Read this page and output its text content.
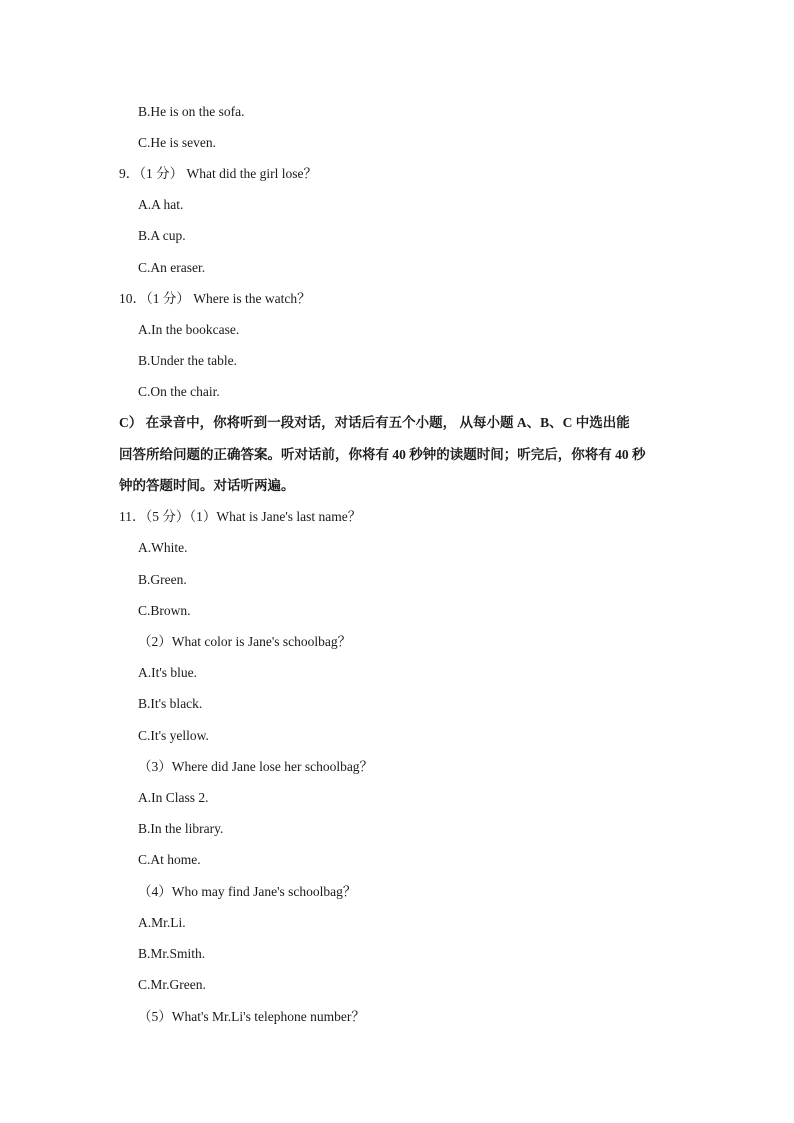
B.He is on the sofa.
C.He is seven.
9．（1 分） What did the girl lose？
A.A hat.
B.A cup.
C.An eraser.
10．（1 分） Where is the watch？
A.In the bookcase.
B.Under the table.
C.On the chair.
C） 在录音中，你将听到一段对话，对话后有五个小题， 从每小题 A、B、C 中选出能
回答所给问题的正确答案。听对话前，你将有 40 秒钟的读题时间；听完后，你将有 40 秒
钟的答题时间。对话听两遍。
11．（5 分）（1）What is Jane's last name？
A.White.
B.Green.
C.Brown.
（2）What color is Jane's schoolbag？
A.It's blue.
B.It's black.
C.It's yellow.
（3）Where did Jane lose her schoolbag？
A.In Class 2.
B.In the library.
C.At home.
（4）Who may find Jane's schoolbag？
A.Mr.Li.
B.Mr.Smith.
C.Mr.Green.
（5）What's Mr.Li's telephone number？
